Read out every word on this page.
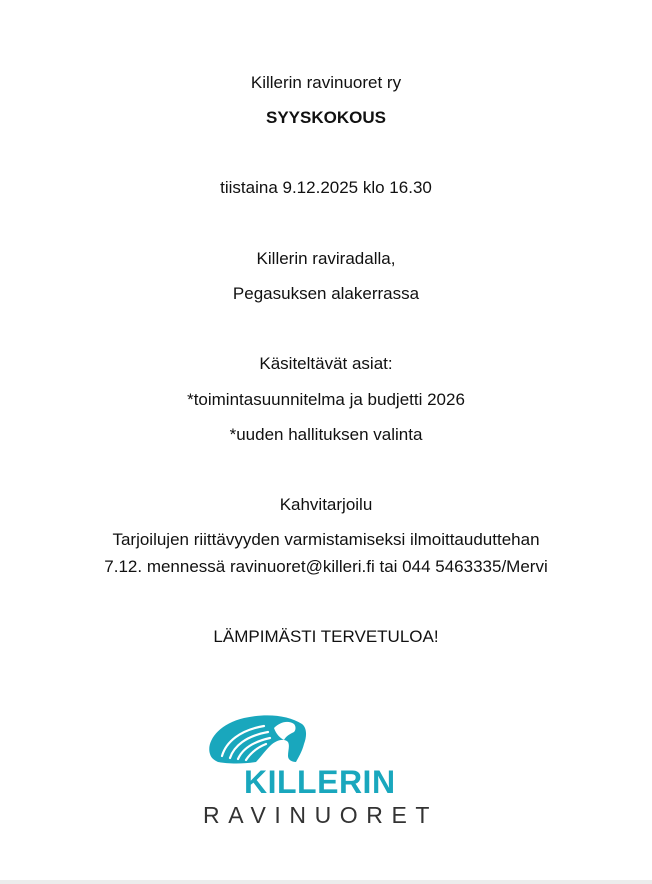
Killerin ravinuoret ry
SYYSKOKOUS
tiistaina 9.12.2025 klo 16.30
Killerin raviradalla,
Pegasuksen alakerrassa
Käsiteltävät asiat:
*toimintasuunnitelma ja budjetti 2026
*uuden hallituksen valinta
Kahvitarjoilu
Tarjoilujen riittävyyden varmistamiseksi ilmoittauduttehan
7.12. mennessä ravinuoret@killeri.fi tai 044 5463335/Mervi
LÄMPIMÄSTI TERVETULOA!
KILLERIN
RAVINUORET
